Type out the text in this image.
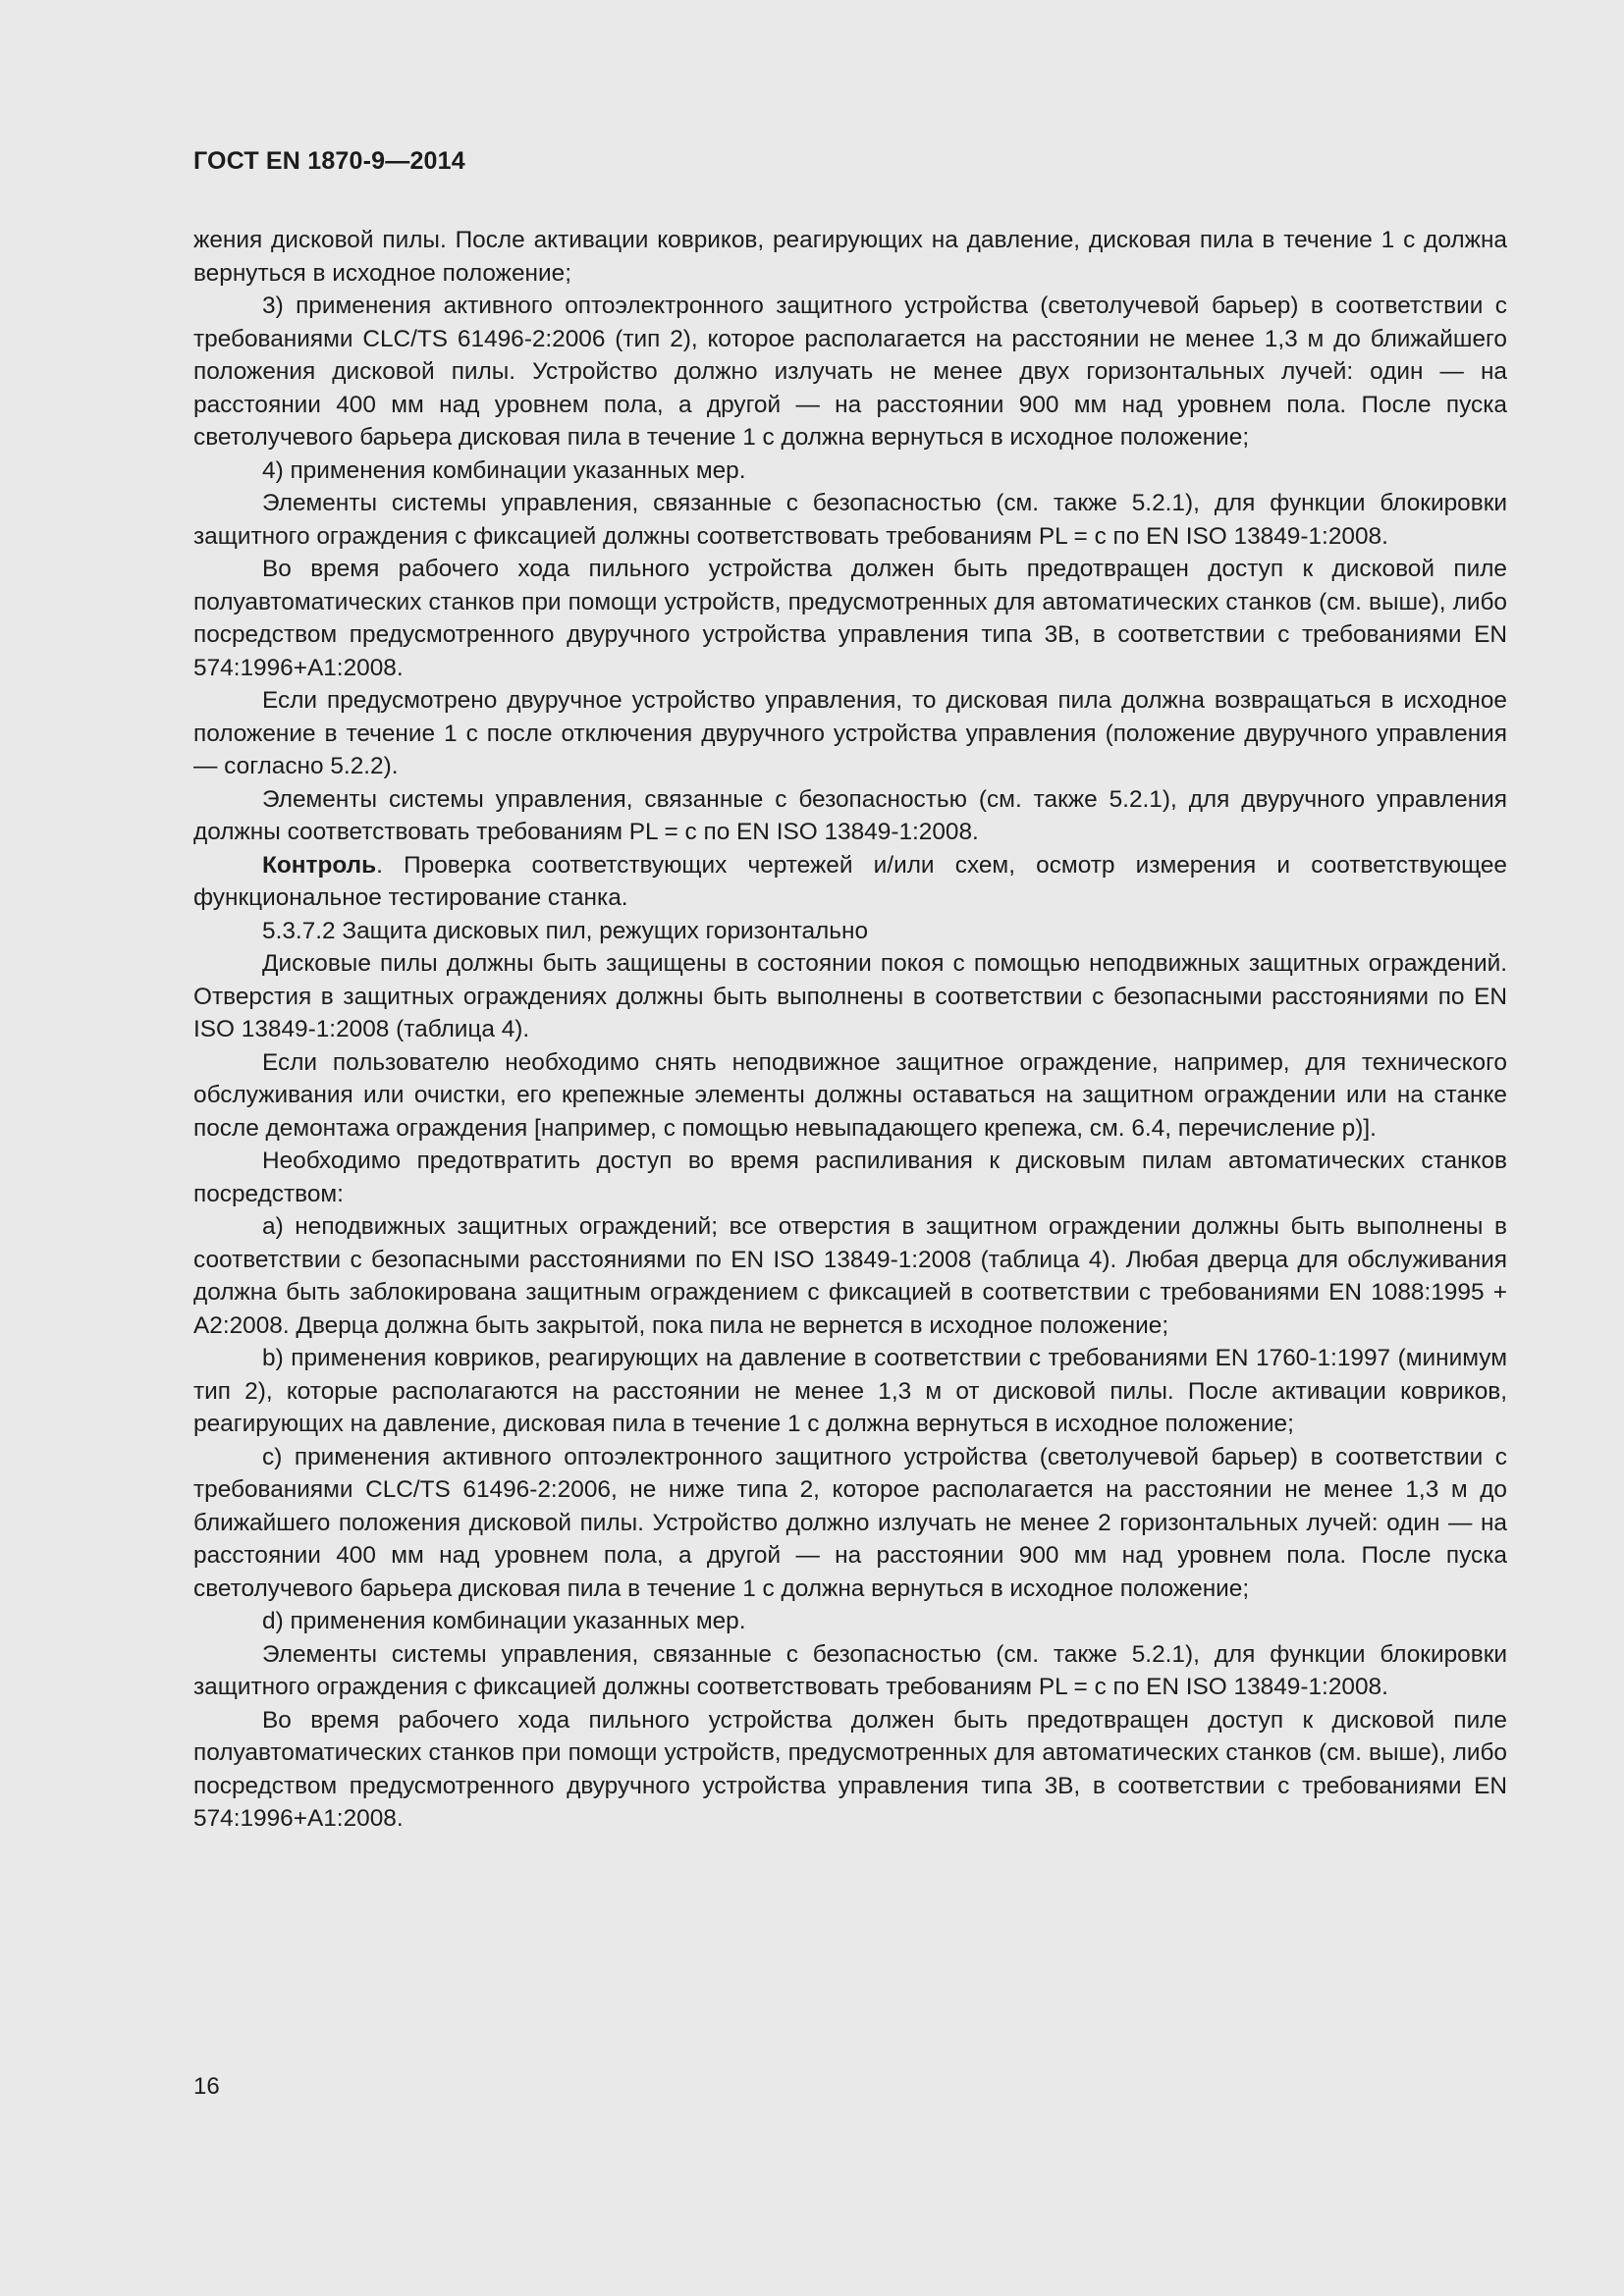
ГОСТ EN 1870-9—2014

жения дисковой пилы. После активации ковриков, реагирующих на давление, дисковая пила в течение 1 с должна вернуться в исходное положение;

3) применения активного оптоэлектронного защитного устройства (светолучевой барьер) в соответствии с требованиями CLC/TS 61496-2:2006 (тип 2), которое располагается на расстоянии не менее 1,3 м до ближайшего положения дисковой пилы. Устройство должно излучать не менее двух горизонтальных лучей: один — на расстоянии 400 мм над уровнем пола, а другой — на расстоянии 900 мм над уровнем пола. После пуска светолучевого барьера дисковая пила в течение 1 с должна вернуться в исходное положение;

4) применения комбинации указанных мер.

Элементы системы управления, связанные с безопасностью (см. также 5.2.1), для функции блокировки защитного ограждения с фиксацией должны соответствовать требованиям PL = c по EN ISO 13849-1:2008.

Во время рабочего хода пильного устройства должен быть предотвращен доступ к дисковой пиле полуавтоматических станков при помощи устройств, предусмотренных для автоматических станков (см. выше), либо посредством предусмотренного двуручного устройства управления типа 3B, в соответствии с требованиями EN 574:1996+A1:2008.

Если предусмотрено двуручное устройство управления, то дисковая пила должна возвращаться в исходное положение в течение 1 с после отключения двуручного устройства управления (положение двуручного управления — согласно 5.2.2).

Элементы системы управления, связанные с безопасностью (см. также 5.2.1), для двуручного управления должны соответствовать требованиям PL = c по EN ISO 13849-1:2008.

Контроль. Проверка соответствующих чертежей и/или схем, осмотр измерения и соответствующее функциональное тестирование станка.

5.3.7.2 Защита дисковых пил, режущих горизонтально

Дисковые пилы должны быть защищены в состоянии покоя с помощью неподвижных защитных ограждений. Отверстия в защитных ограждениях должны быть выполнены в соответствии с безопасными расстояниями по EN ISO 13849-1:2008 (таблица 4).

Если пользователю необходимо снять неподвижное защитное ограждение, например, для технического обслуживания или очистки, его крепежные элементы должны оставаться на защитном ограждении или на станке после демонтажа ограждения [например, с помощью невыпадающего крепежа, см. 6.4, перечисление p)].

Необходимо предотвратить доступ во время распиливания к дисковым пилам автоматических станков посредством:

a) неподвижных защитных ограждений; все отверстия в защитном ограждении должны быть выполнены в соответствии с безопасными расстояниями по EN ISO 13849-1:2008 (таблица 4). Любая дверца для обслуживания должна быть заблокирована защитным ограждением с фиксацией в соответствии с требованиями EN 1088:1995 + A2:2008. Дверца должна быть закрытой, пока пила не вернется в исходное положение;

b) применения ковриков, реагирующих на давление в соответствии с требованиями EN 1760-1:1997 (минимум тип 2), которые располагаются на расстоянии не менее 1,3 м от дисковой пилы. После активации ковриков, реагирующих на давление, дисковая пила в течение 1 с должна вернуться в исходное положение;

c) применения активного оптоэлектронного защитного устройства (светолучевой барьер) в соответствии с требованиями CLC/TS 61496-2:2006, не ниже типа 2, которое располагается на расстоянии не менее 1,3 м до ближайшего положения дисковой пилы. Устройство должно излучать не менее 2 горизонтальных лучей: один — на расстоянии 400 мм над уровнем пола, а другой — на расстоянии 900 мм над уровнем пола. После пуска светолучевого барьера дисковая пила в течение 1 с должна вернуться в исходное положение;

d) применения комбинации указанных мер.

Элементы системы управления, связанные с безопасностью (см. также 5.2.1), для функции блокировки защитного ограждения с фиксацией должны соответствовать требованиям PL = c по EN ISO 13849-1:2008.

Во время рабочего хода пильного устройства должен быть предотвращен доступ к дисковой пиле полуавтоматических станков при помощи устройств, предусмотренных для автоматических станков (см. выше), либо посредством предусмотренного двуручного устройства управления типа 3B, в соответствии с требованиями EN 574:1996+A1:2008.

16
